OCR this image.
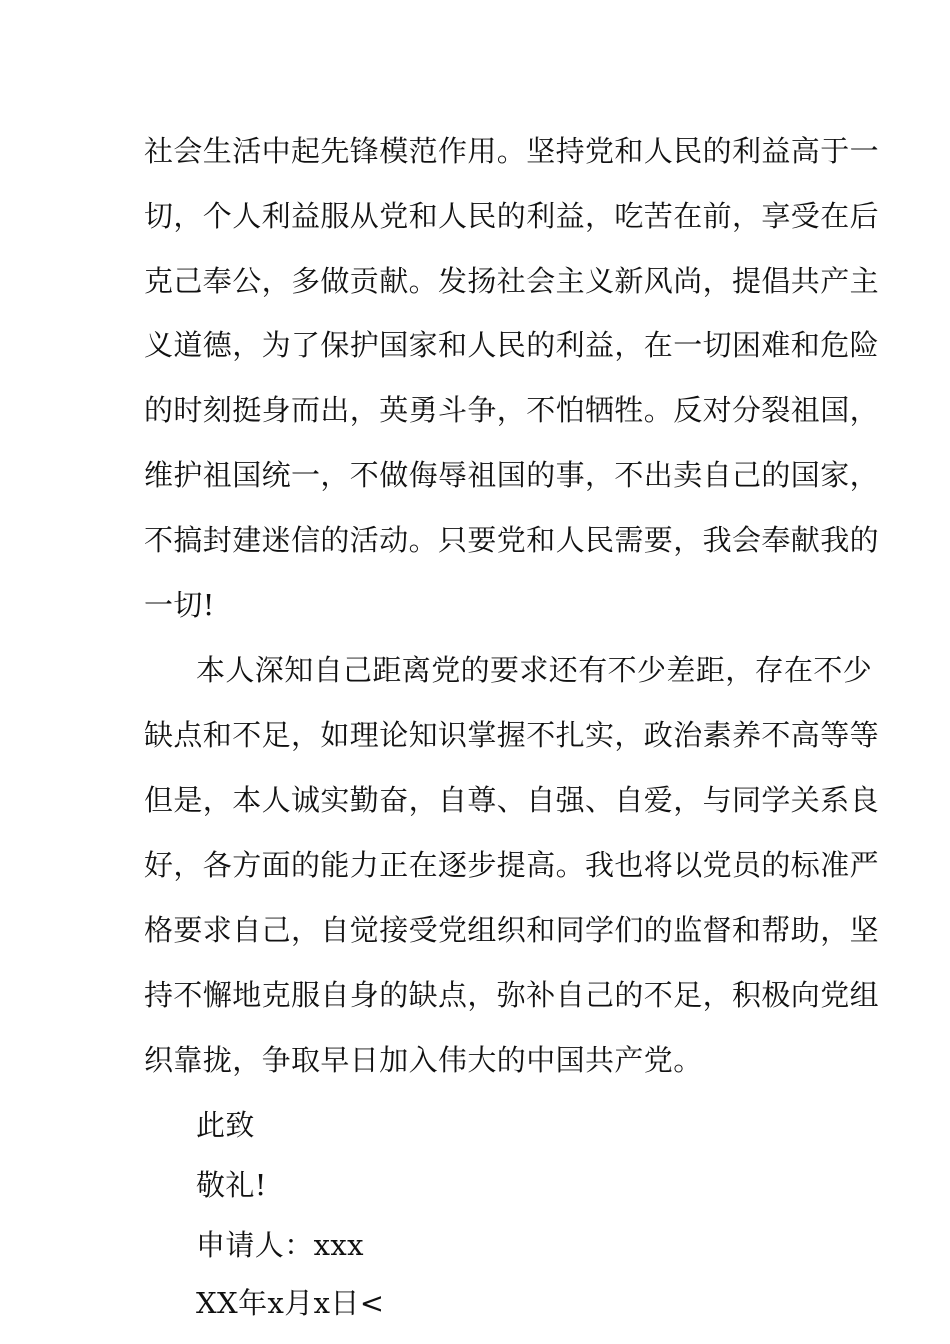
社会生活中起先锋模范作用。坚持党和人民的利益高于一
切，个人利益服从党和人民的利益，吃苦在前，享受在后
克己奉公，多做贡献。发扬社会主义新风尚，提倡共产主
义道德，为了保护国家和人民的利益，在一切困难和危险
的时刻挺身而出，英勇斗争，不怕牺牲。反对分裂祖国，
维护祖国统一，不做侮辱祖国的事，不出卖自己的国家，
不搞封建迷信的活动。只要党和人民需要，我会奉献我的
一切!
本人深知自己距离党的要求还有不少差距，存在不少
缺点和不足，如理论知识掌握不扎实，政治素养不高等等
但是，本人诚实勤奋，自尊、自强、自爱，与同学关系良
好，各方面的能力正在逐步提高。我也将以党员的标准严
格要求自己，自觉接受党组织和同学们的监督和帮助，坚
持不懈地克服自身的缺点，弥补自己的不足，积极向党组
织靠拢，争取早日加入伟大的中国共产党。
此致
敬礼!
申请人：xxx
XX年x月x日<
